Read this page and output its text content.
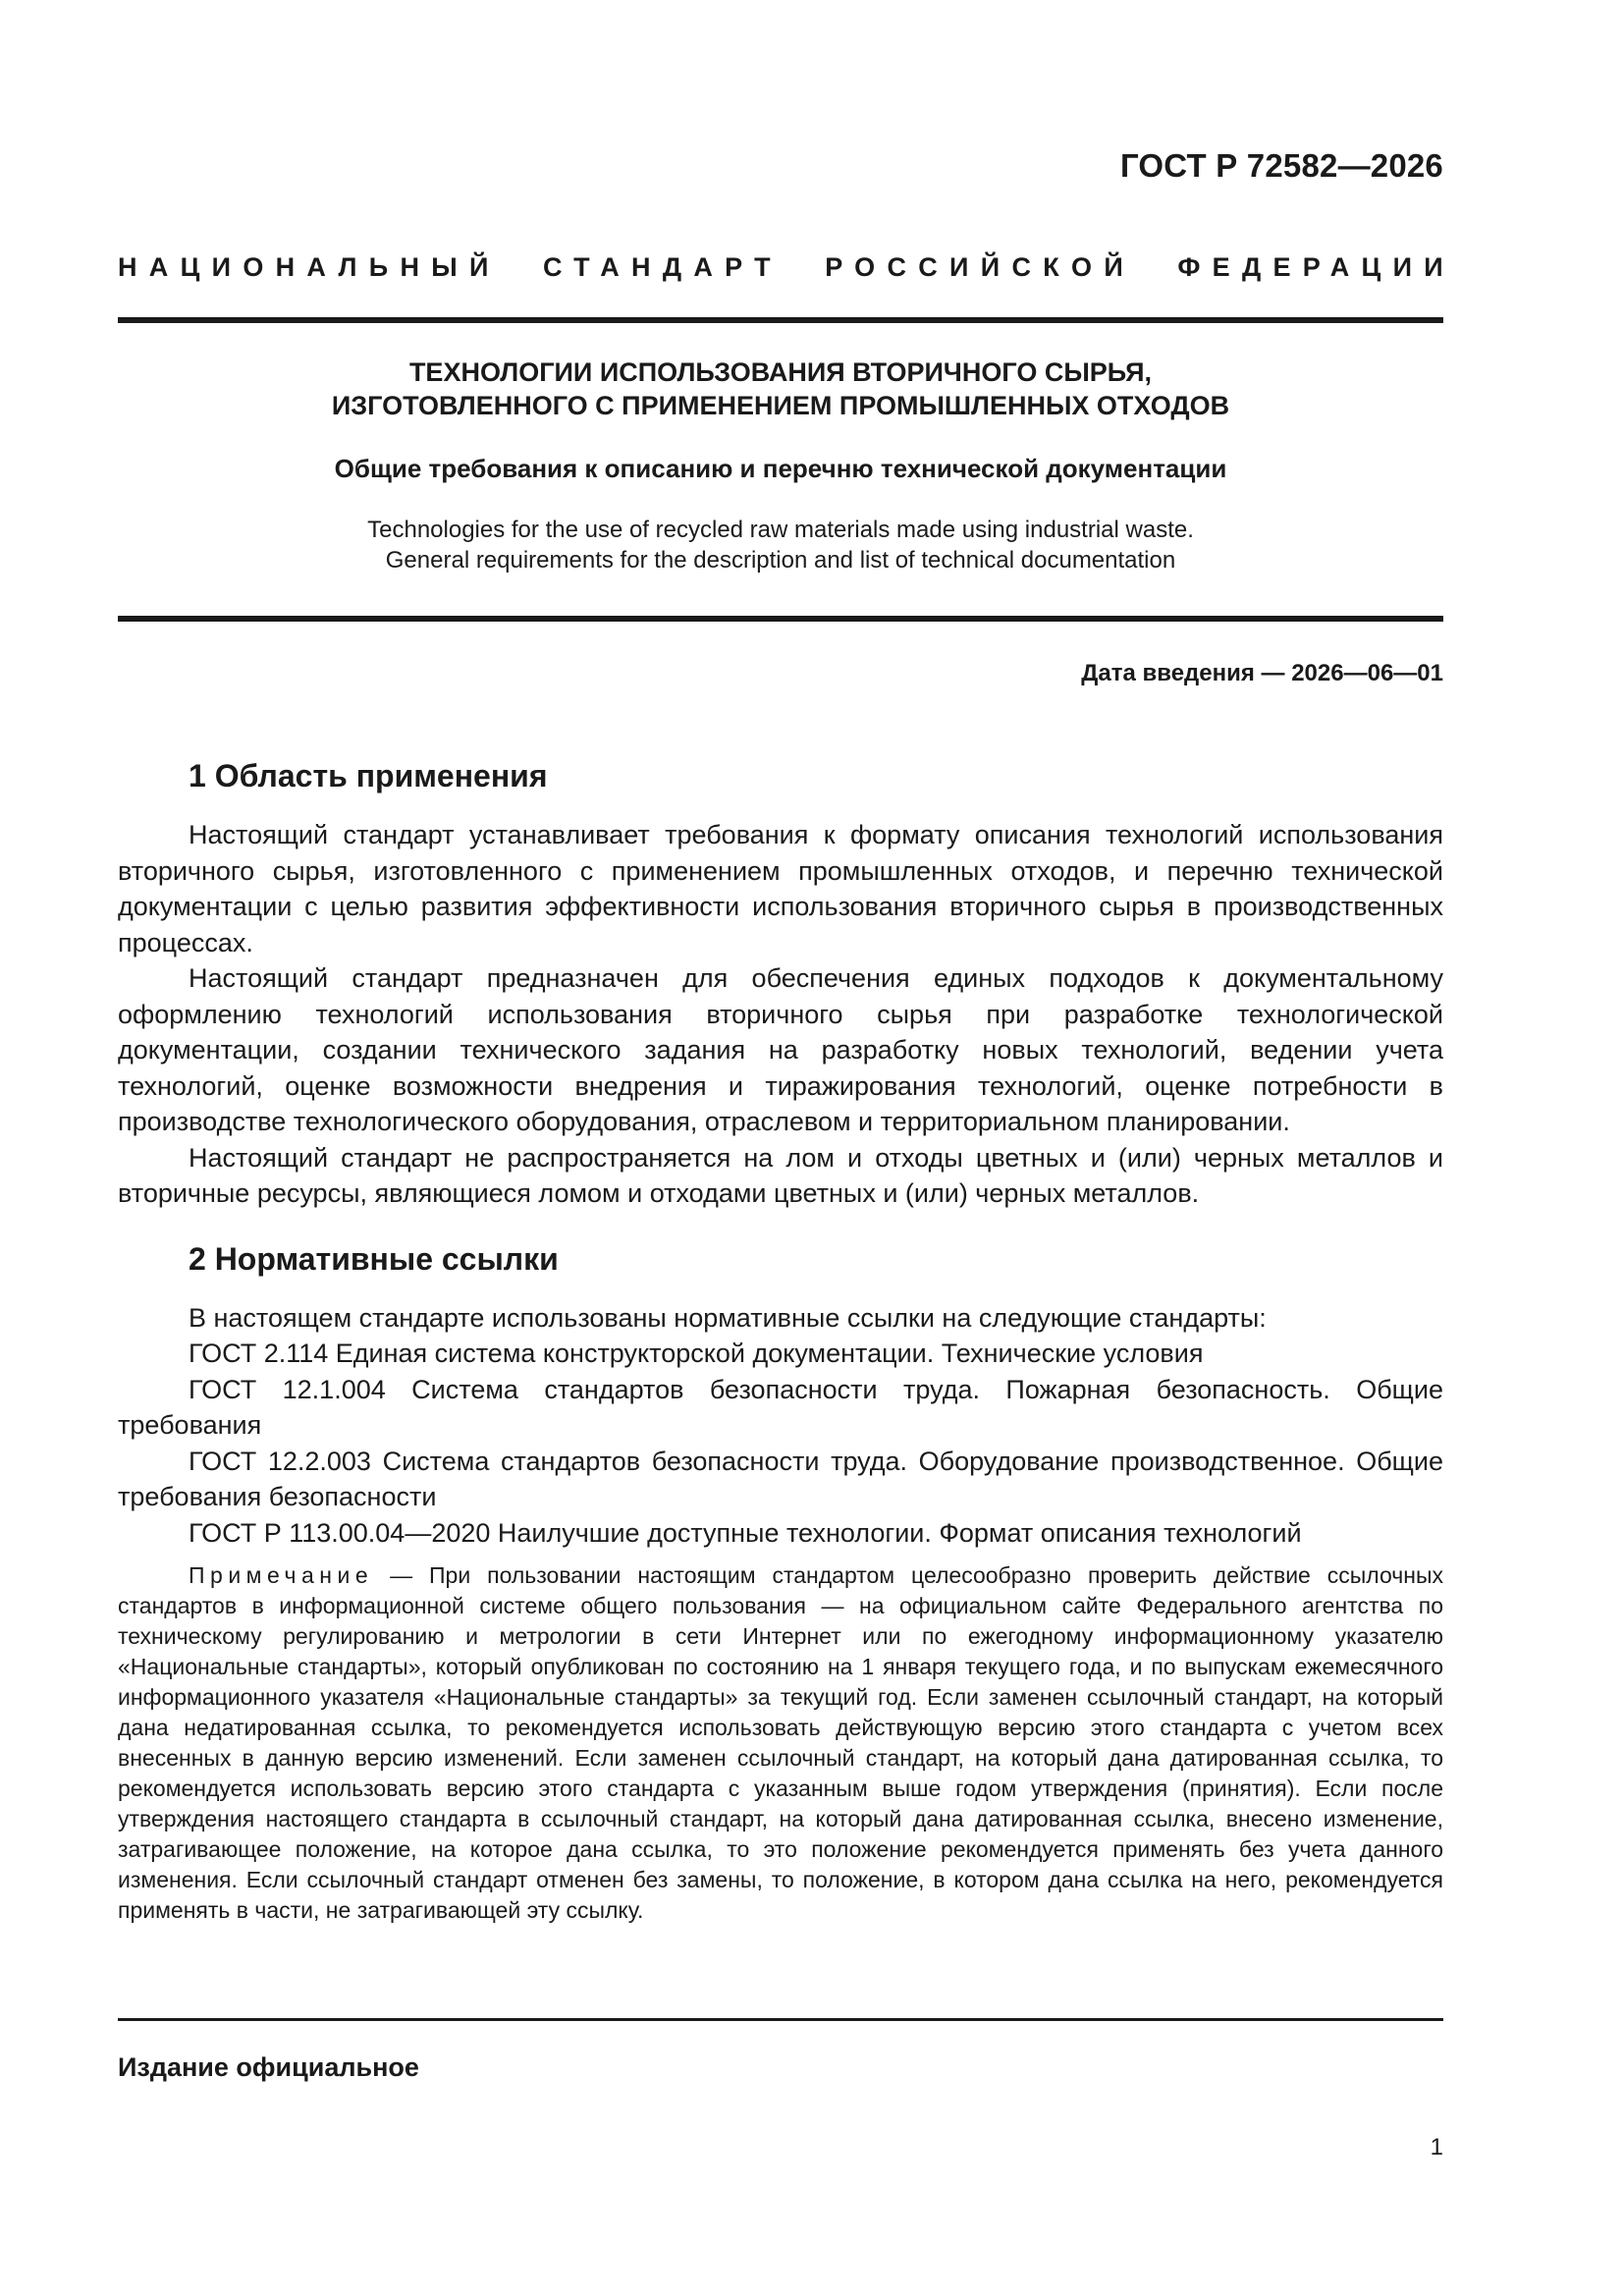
ГОСТ Р 72582—2026
НАЦИОНАЛЬНЫЙ СТАНДАРТ РОССИЙСКОЙ ФЕДЕРАЦИИ

ТЕХНОЛОГИИ ИСПОЛЬЗОВАНИЯ ВТОРИЧНОГО СЫРЬЯ,
ИЗГОТОВЛЕННОГО С ПРИМЕНЕНИЕМ ПРОМЫШЛЕННЫХ ОТХОДОВ

Общие требования к описанию и перечню технической документации

Technologies for the use of recycled raw materials made using industrial waste.
General requirements for the description and list of technical documentation

Дата введения — 2026—06—01
1 Область применения

Настоящий стандарт устанавливает требования к формату описания технологий использования вторичного сырья, изготовленного с применением промышленных отходов, и перечню технической документации с целью развития эффективности использования вторичного сырья в производственных процессах.

Настоящий стандарт предназначен для обеспечения единых подходов к документальному оформлению технологий использования вторичного сырья при разработке технологической документации, создании технического задания на разработку новых технологий, ведении учета технологий, оценке возможности внедрения и тиражирования технологий, оценке потребности в производстве технологического оборудования, отраслевом и территориальном планировании.

Настоящий стандарт не распространяется на лом и отходы цветных и (или) черных металлов и вторичные ресурсы, являющиеся ломом и отходами цветных и (или) черных металлов.

2 Нормативные ссылки

В настоящем стандарте использованы нормативные ссылки на следующие стандарты:

ГОСТ 2.114 Единая система конструкторской документации. Технические условия

ГОСТ 12.1.004 Система стандартов безопасности труда. Пожарная безопасность. Общие требования

ГОСТ 12.2.003 Система стандартов безопасности труда. Оборудование производственное. Общие требования безопасности

ГОСТ Р 113.00.04—2020 Наилучшие доступные технологии. Формат описания технологий

Примечание — При пользовании настоящим стандартом целесообразно проверить действие ссылочных стандартов в информационной системе общего пользования — на официальном сайте Федерального агентства по техническому регулированию и метрологии в сети Интернет или по ежегодному информационному указателю «Национальные стандарты», который опубликован по состоянию на 1 января текущего года, и по выпускам ежемесячного информационного указателя «Национальные стандарты» за текущий год. Если заменен ссылочный стандарт, на который дана недатированная ссылка, то рекомендуется использовать действующую версию этого стандарта с учетом всех внесенных в данную версию изменений. Если заменен ссылочный стандарт, на который дана датированная ссылка, то рекомендуется использовать версию этого стандарта с указанным выше годом утверждения (принятия). Если после утверждения настоящего стандарта в ссылочный стандарт, на который дана датированная ссылка, внесено изменение, затрагивающее положение, на которое дана ссылка, то это положение рекомендуется применять без учета данного изменения. Если ссылочный стандарт отменен без замены, то положение, в котором дана ссылка на него, рекомендуется применять в части, не затрагивающей эту ссылку.

Издание официальное
1
